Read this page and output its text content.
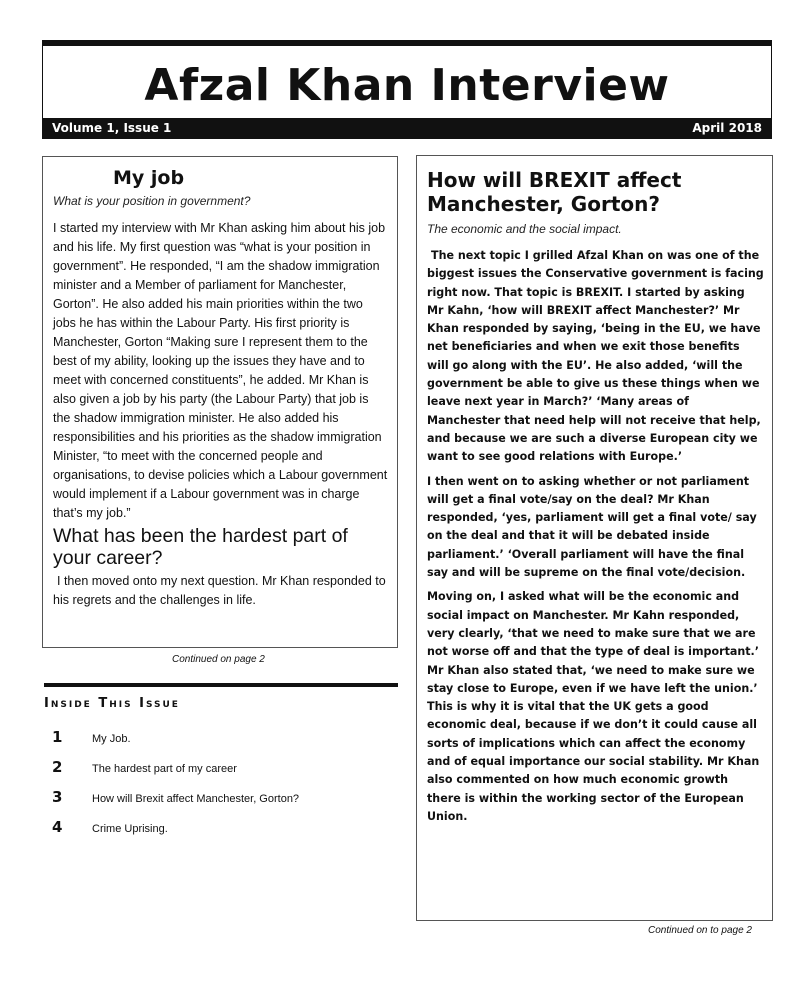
Afzal Khan Interview
Volume 1, Issue 1	April 2018
My job

What is your position in government?

I started my interview with Mr Khan asking him about his job and his life. My first question was “what is your position in government”. He responded, “I am the shadow immigration minister and a Member of parliament for Manchester, Gorton”. He also added his main priorities within the two jobs he has within the Labour Party. His first priority is Manchester, Gorton “Making sure I represent them to the best of my ability, looking up the issues they have and to meet with concerned constituents”, he added. Mr Khan is also given a job by his party (the Labour Party) that job is the shadow immigration minister. He also added his responsibilities and his priorities as the shadow immigration Minister, “to meet with the concerned people and organisations, to devise policies which a Labour government would implement if a Labour government was in charge that’s my job.”

What has been the hardest part of your career?

I then moved onto my next question. Mr Khan responded to his regrets and the challenges in life.

Continued on page 2
Inside This Issue
1	My Job.
2	The hardest part of my career
3	How will Brexit affect Manchester, Gorton?
4	Crime Uprising.
How will BREXIT affect Manchester, Gorton?

The economic and the social impact.

The next topic I grilled Afzal Khan on was one of the biggest issues the Conservative government is facing right now. That topic is BREXIT. I started by asking Mr Kahn, ‘how will BREXIT affect Manchester?’ Mr Khan responded by saying, ‘being in the EU, we have net beneficiaries and when we exit those benefits will go along with the EU’. He also added, ‘will the government be able to give us these things when we leave next year in March?’ ‘Many areas of Manchester that need help will not receive that help, and because we are such a diverse European city we want to see good relations with Europe.’

I then went on to asking whether or not parliament will get a final vote/say on the deal? Mr Khan responded, ‘yes, parliament will get a final vote/ say on the deal and that it will be debated inside parliament.’ ‘Overall parliament will have the final say and will be supreme on the final vote/decision.

Moving on, I asked what will be the economic and social impact on Manchester. Mr Kahn responded, very clearly, ‘that we need to make sure that we are not worse off and that the type of deal is important.’ Mr Khan also stated that, ‘we need to make sure we stay close to Europe, even if we have left the union.’ This is why it is vital that the UK gets a good economic deal, because if we don’t it could cause all sorts of implications which can affect the economy and of equal importance our social stability. Mr Khan also commented on how much economic growth there is within the working sector of the European Union.

Continued on to page 2
